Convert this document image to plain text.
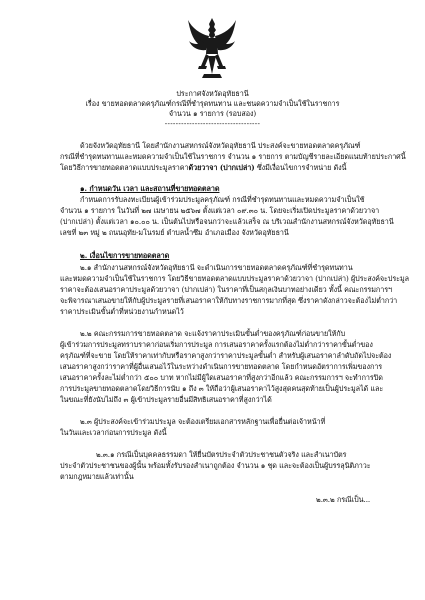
ประกาศจังหวัดอุทัยธานี
เรื่อง ขายทอดตลาดครุภัณฑ์กรณีที่ชำรุดทนทาน และชนดความจำเป็นใช้ในราชการ
จำนวน ๑ รายการ (รอบสอง)
-----------------------------------
ด้วยจังหวัดอุทัยธานี โดยสำนักงานสหกรณ์จังหวัดอุทัยธานี ประสงค์จะขายทอดตลาดครุภัณฑ์
กรณีที่ชำรุดทนทานและหมดความจำเป็นใช้ในราชการ จำนวน ๑ รายการ ตามบัญชีรายละเอียดแนบท้ายประกาศนี้
โดยวิธีการขายทอดตลาดแบบประมูลราคาด้วยวาจา (ปากเปล่า) ซึ่งมีเงื่อนไขการจำหน่าย ดังนี้
๑. กำหนดวัน เวลา และสถานที่ขายทอดตลาด
กำหนดการรับลงทะเบียนผู้เข้าร่วมประมูลครุภัณฑ์ กรณีที่ชำรุดทนทานและหมดความจำเป็นใช้
จำนวน ๑ รายการ ในวันที่ ๒๗ เมษายน ๒๕๖๗ ตั้งแต่เวลา ๐๙.๓๐ น. โดยจะเริ่มเปิดประมูลราคาด้วยวาจา
(ปากเปล่า) ตั้งแต่เวลา ๑๐.๐๐ น. เป็นต้นไปหรือจนกว่าจะแล้วเสร็จ ณ บริเวณสำนักงานสหกรณ์จังหวัดอุทัยธานี
เลขที่ ๒๓ หมู่ ๒ ถนนอุทัย-มโนรมย์ ตำบลน้ำซึม อำเภอเมือง จังหวัดอุทัยธานี
๒. เงื่อนไขการขายทอดตลาด
๒.๑ สำนักงานสหกรณ์จังหวัดอุทัยธานี จะดำเนินการขายทอดตลาดครุภัณฑ์ที่ชำรุดทนทาน
และหมดความจำเป็นใช้ในราชการ โดยวิธีขายทอดตลาดแบบประมูลราคาด้วยวาจา (ปากเปล่า) ผู้ประสงค์จะประมูล
ราคาจะต้องเสนอราคาประมูลด้วยวาจา (ปากเปล่า) ในราคาที่เป็นสกุลเงินบาทอย่างเดียว ทั้งนี้ คณะกรรมการฯ
จะพิจารณาเสนอขายให้กับผู้ประมูลรายที่เสนอราคาให้กับทางราชการมากที่สุด ซึ่งราคาดังกล่าวจะต้องไม่ต่ำกว่า
ราคาประเมินขั้นต่ำที่หน่วยงานกำหนดไว้
๒.๒ คณะกรรมการขายทอดตลาด จะแจ้งราคาประเมินขั้นต่ำของครุภัณฑ์ก่อนขายให้กับ
ผู้เข้าร่วมการประมูลทราบราคาก่อนเริ่มการประมูล การเสนอราคาครั้งแรกต้องไม่ต่ำกว่าราคาขั้นต่ำของ
ครุภัณฑ์ที่จะขาย โดยให้ราคาเท่ากับหรือราคาสูงกว่าราคาประมูลขั้นต่ำ สำหรับผู้เสนอราคาลำดับถัดไปจะต้อง
เสนอราคาสูงกว่าราคาที่ผู้อื่นเสนอไว้ในระหว่างดำเนินการขายทอดตลาด โดยกำหนดอัตราการเพิ่มของการ
เสนอราคาครั้งละไม่ต่ำกว่า ๕๐๐ บาท หากไม่มีผู้ใดเสนอราคาที่สูงกว่าอีกแล้ว คณะกรรมการฯ จะทำการปิด
การประมูลขายทอดตลาดโดยวิธีการนับ ๑ ถึง ๓ ให้ถือว่าผู้เสนอราคาไว้สูงสุดคนสุดท้ายเป็นผู้ประมูลได้ และ
ในขณะที่ยังนับไม่ถึง ๓ ผู้เข้าประมูลรายอื่นมีสิทธิเสนอราคาที่สูงกว่าได้
๒.๓ ผู้ประสงค์จะเข้าร่วมประมูล จะต้องเตรียมเอกสารหลักฐานเพื่อยื่นต่อเจ้าหน้าที่
ในวันและเวลาก่อนการประมูล ดังนี้
๒.๓.๑ กรณีเป็นบุคคลธรรมดา ให้ยื่นบัตรประจำตัวประชาชนตัวจริง และสำเนาบัตร
ประจำตัวประชาชนของผู้นั้น พร้อมทั้งรับรองสำเนาถูกต้อง จำนวน ๑ ชุด และจะต้องเป็นผู้บรรลุนิติภาวะ
ตามกฎหมายแล้วเท่านั้น
๒.๓.๒ กรณีเป็น...
